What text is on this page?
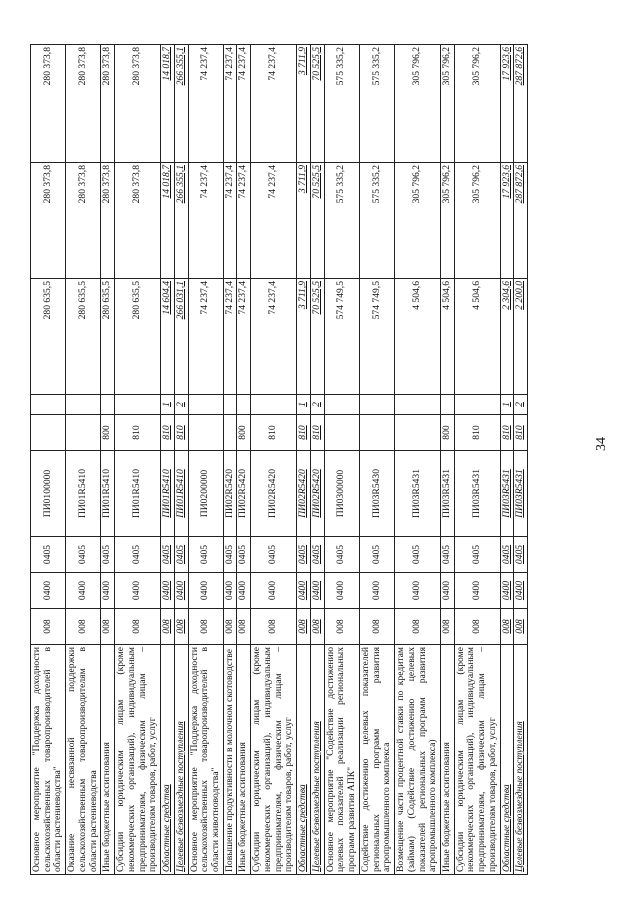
34
Основное мероприятие "Поддержка доходности сельскохозяйственных товаропроизводителей в области растениеводства"	008	0400	0405	ПИ0100000			280 635,5	280 373,8	280 373,8
Оказание несвязанной поддержки сельскохозяйственным товаропроизводителям в области растениеводства	008	0400	0405	ПИ01R5410			280 635,5	280 373,8	280 373,8
Иные бюджетные ассигнования	008	0400	0405	ПИ01R5410	800		280 635,5	280 373,8	280 373,8
Субсидии юридическим лицам (кроме некоммерческих организаций), индивидуальным предпринимателям, физическим лицам – производителям товаров, работ, услуг	008	0400	0405	ПИ01R5410	810		280 635,5	280 373,8	280 373,8
Областные средства	008	0400	0405	ПИ01R5410	810	1	14 604,4	14 018,7	14 018,7
Целевые безвозмездные поступления	008	0400	0405	ПИ01R5410	810	2	266 031,1	266 355,1	266 355,1
Основное мероприятие "Поддержка доходности сельскохозяйственных товаропроизводителей в области животноводства"	008	0400	0405	ПИ0200000			74 237,4	74 237,4	74 237,4
Повышение продуктивности в молочном скотоводстве	008	0400	0405	ПИ02R5420			74 237,4	74 237,4	74 237,4
Иные бюджетные ассигнования	008	0400	0405	ПИ02R5420	800		74 237,4	74 237,4	74 237,4
Субсидии юридическим лицам (кроме некоммерческих организаций), индивидуальным предпринимателям, физическим лицам – производителям товаров, работ, услуг	008	0400	0405	ПИ02R5420	810		74 237,4	74 237,4	74 237,4
Областные средства	008	0400	0405	ПИ02R5420	810	1	3 711,9	3 711,9	3 711,9
Целевые безвозмездные поступления	008	0400	0405	ПИ02R5420	810	2	70 525,5	70 525,5	70 525,5
Основное мероприятие "Содействие достижению целевых показателей реализации региональных программ развития АПК"	008	0400	0405	ПИ0300000			574 749,5	575 335,2	575 335,2
Содействие достижению целевых показателей региональных программ развития агропромышленного комплекса	008	0400	0405	ПИ03R5430			574 749,5	575 335,2	575 335,2
Возмещение части процентной ставки по кредитам (займам) (Содействие достижению целевых показателей региональных программ развития агропромышленного комплекса)	008	0400	0405	ПИ03R5431			4 504,6	305 796,2	305 796,2
Иные бюджетные ассигнования	008	0400	0405	ПИ03R5431	800		4 504,6	305 796,2	305 796,2
Субсидии юридическим лицам (кроме некоммерческих организаций), индивидуальным предпринимателям, физическим лицам – производителям товаров, работ, услуг	008	0400	0405	ПИ03R5431	810		4 504,6	305 796,2	305 796,2
Областные средства	008	0400	0405	ПИ03R5431	810	1	2 304,6	17 923,6	17 923,6
Целевые безвозмездные поступления	008	0400	0405	ПИ03R5431	810	2	2 200,0	287 872,6	287 872,6
